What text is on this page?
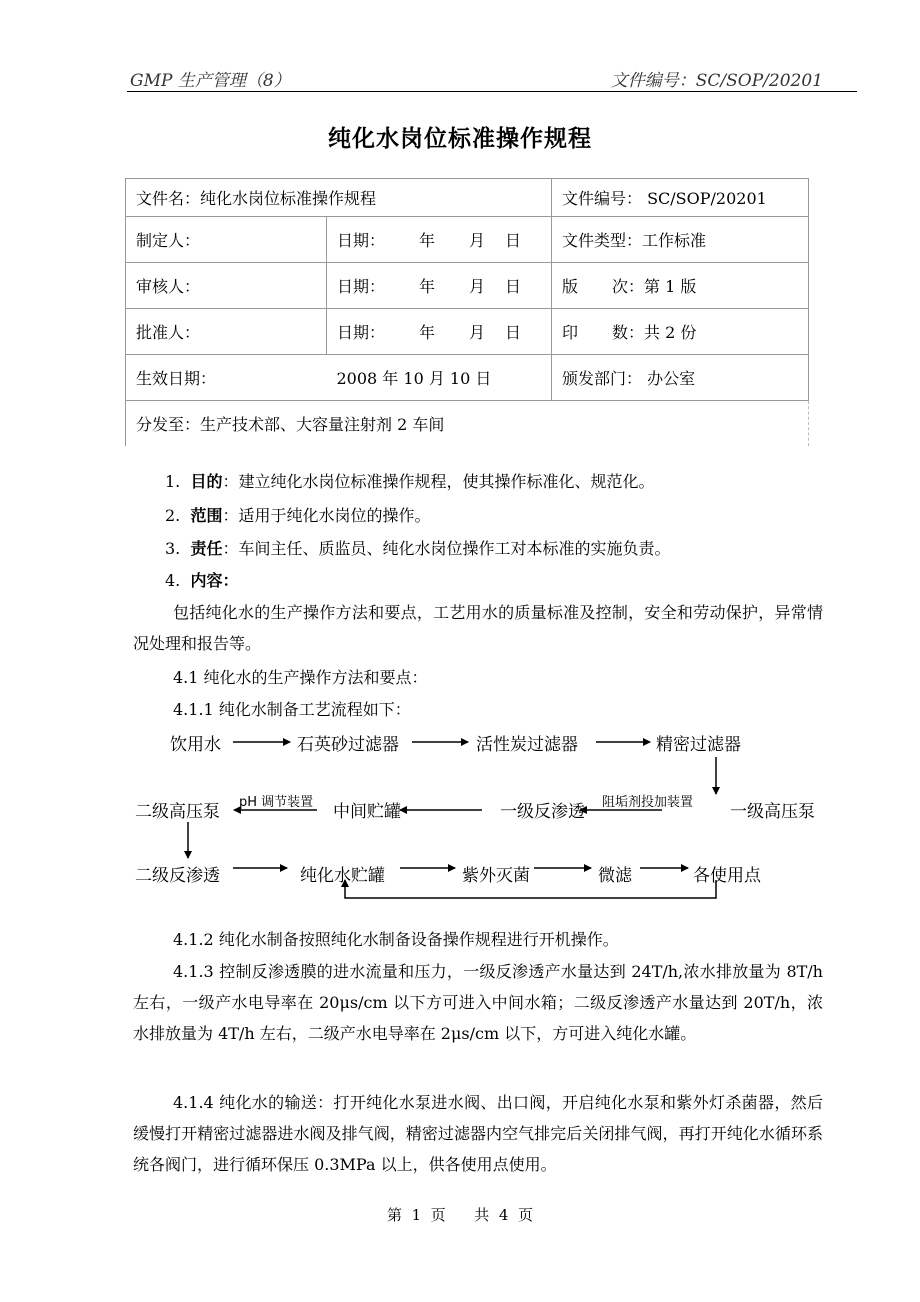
GMP 生产管理（8）	文件编号：SC/SOP/20201
纯化水岗位标准操作规程
文件名：纯化水岗位标准操作规程		文件编号： SC/SOP/20201
制定人：	日期： 年 月 日	文件类型：工作标准
审核人：	日期： 年 月 日	版 次：第 1 版
批准人：	日期： 年 月 日	印 数：共 2 份
生效日期：	2008 年 10 月 10 日	颁发部门： 办公室
分发至：生产技术部、大容量注射剂 2 车间		
1. 目的：建立纯化水岗位标准操作规程，使其操作标准化、规范化。
2. 范围：适用于纯化水岗位的操作。
3. 责任：车间主任、质监员、纯化水岗位操作工对本标准的实施负责。
4. 内容：
包括纯化水的生产操作方法和要点，工艺用水的质量标准及控制，安全和劳动保护，异常情况处理和报告等。
4.1 纯化水的生产操作方法和要点：
4.1.1 纯化水制备工艺流程如下：
饮用水	石英砂过滤器	活性炭过滤器	精密过滤器
一级高压泵
一级反渗透
中间贮罐
二级高压泵 pH 调节装置	阻垢剂投加装置
二级反渗透	纯化水贮罐	紫外灭菌	微滤	各使用点
4.1.2 纯化水制备按照纯化水制备设备操作规程进行开机操作。
4.1.3 控制反渗透膜的进水流量和压力，一级反渗透产水量达到 24T/h,浓水排放量为 8T/h 左右，一级产水电导率在 20μs/cm 以下方可进入中间水箱；二级反渗透产水量达到 20T/h，浓水排放量为 4T/h 左右，二级产水电导率在 2μs/cm 以下，方可进入纯化水罐。
4.1.4 纯化水的输送：打开纯化水泵进水阀、出口阀，开启纯化水泵和紫外灯杀菌器，然后缓慢打开精密过滤器进水阀及排气阀，精密过滤器内空气排完后关闭排气阀，再打开纯化水循环系统各阀门，进行循环保压 0.3MPa 以上，供各使用点使用。
第 1 页 共 4 页
